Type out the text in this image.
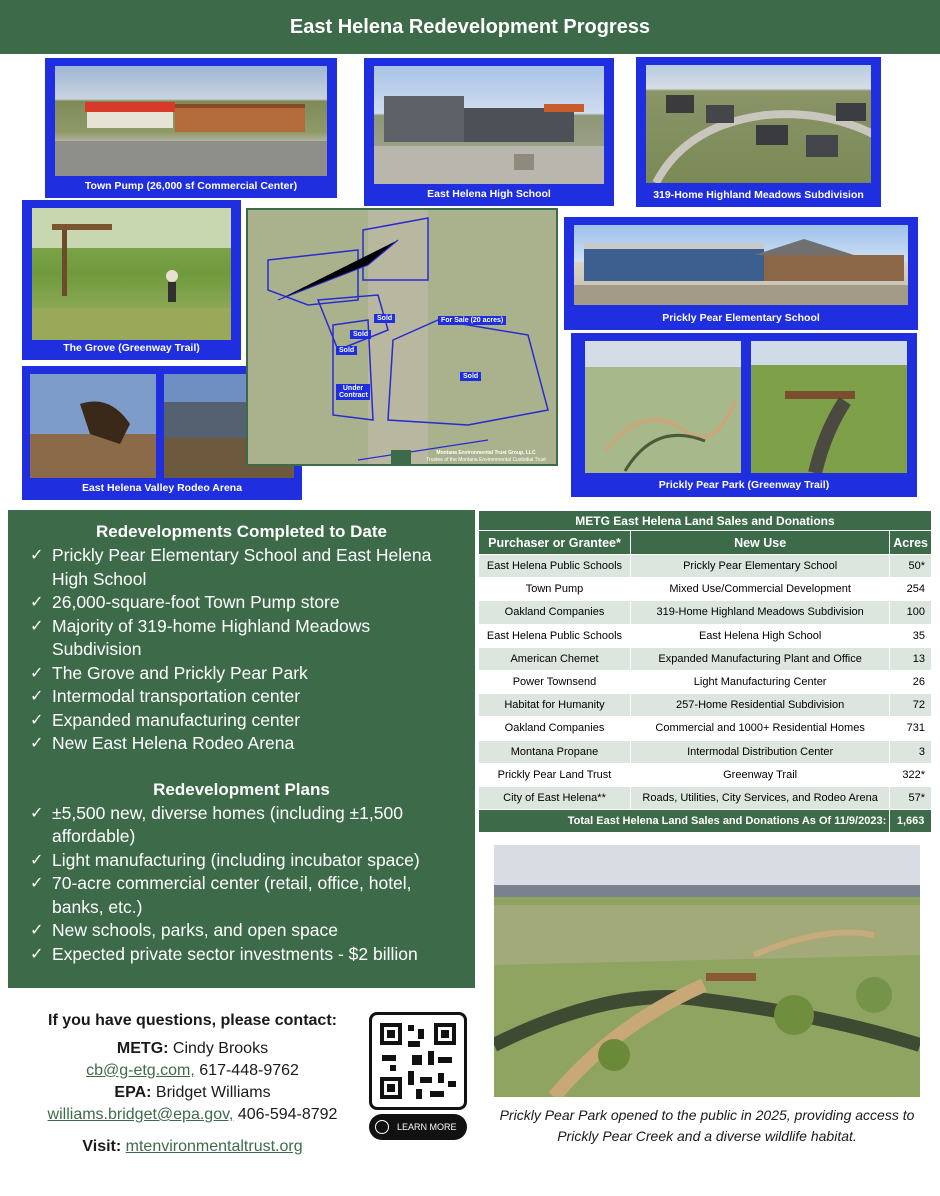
East Helena Redevelopment Progress
Town Pump (26,000 sf Commercial Center)
East Helena High School	319-Home Highland Meadows Subdivision
The Grove (Greenway Trail)
Prickly Pear Elementary School
East Helena Valley Rodeo Arena	Prickly Pear Park (Greenway Trail)
Sold
Sold
Sold
Sold
For Sale (20 acres)
Under Contract
Montana Environmental Trust Group, LLC
Trustee of the Montana Environmental Custodial Trust
Redevelopments Completed to Date
✓ Prickly Pear Elementary School and East Helena High School
✓ 26,000-square-foot Town Pump store
✓ Majority of 319-home Highland Meadows Subdivision
✓ The Grove and Prickly Pear Park
✓ Intermodal transportation center
✓ Expanded manufacturing center
✓ New East Helena Rodeo Arena
Redevelopment Plans
✓ ±5,500 new, diverse homes (including ±1,500 affordable)
✓ Light manufacturing (including incubator space)
✓ 70-acre commercial center (retail, office, hotel, banks, etc.)
✓ New schools, parks, and open space
✓ Expected private sector investments - $2 billion
METG East Helena Land Sales and Donations		
Purchaser or Grantee*	New Use	Acres
East Helena Public Schools	Prickly Pear Elementary School	50*
Town Pump	Mixed Use/Commercial Development	254
Oakland Companies	319-Home Highland Meadows Subdivision	100
East Helena Public Schools	East Helena High School	35
American Chemet	Expanded Manufacturing Plant and Office	13
Power Townsend	Light Manufacturing Center	26
Habitat for Humanity	257-Home Residential Subdivision	72
Oakland Companies	Commercial and 1000+ Residential Homes	731
Montana Propane	Intermodal Distribution Center	3
Prickly Pear Land Trust	Greenway Trail	322*
City of East Helena**	Roads, Utilities, City Services, and Rodeo Arena	57*
Total East Helena Land Sales and Donations As Of 11/9/2023:		1,663
If you have questions, please contact:
METG: Cindy Brooks
cb@g-etg.com, 617-448-9762
EPA: Bridget Williams
williams.bridget@epa.gov, 406-594-8792
Visit: mtenvironmentaltrust.org
LEARN MORE
Prickly Pear Park opened to the public in 2025, providing access to Prickly Pear Creek and a diverse wildlife habitat.
